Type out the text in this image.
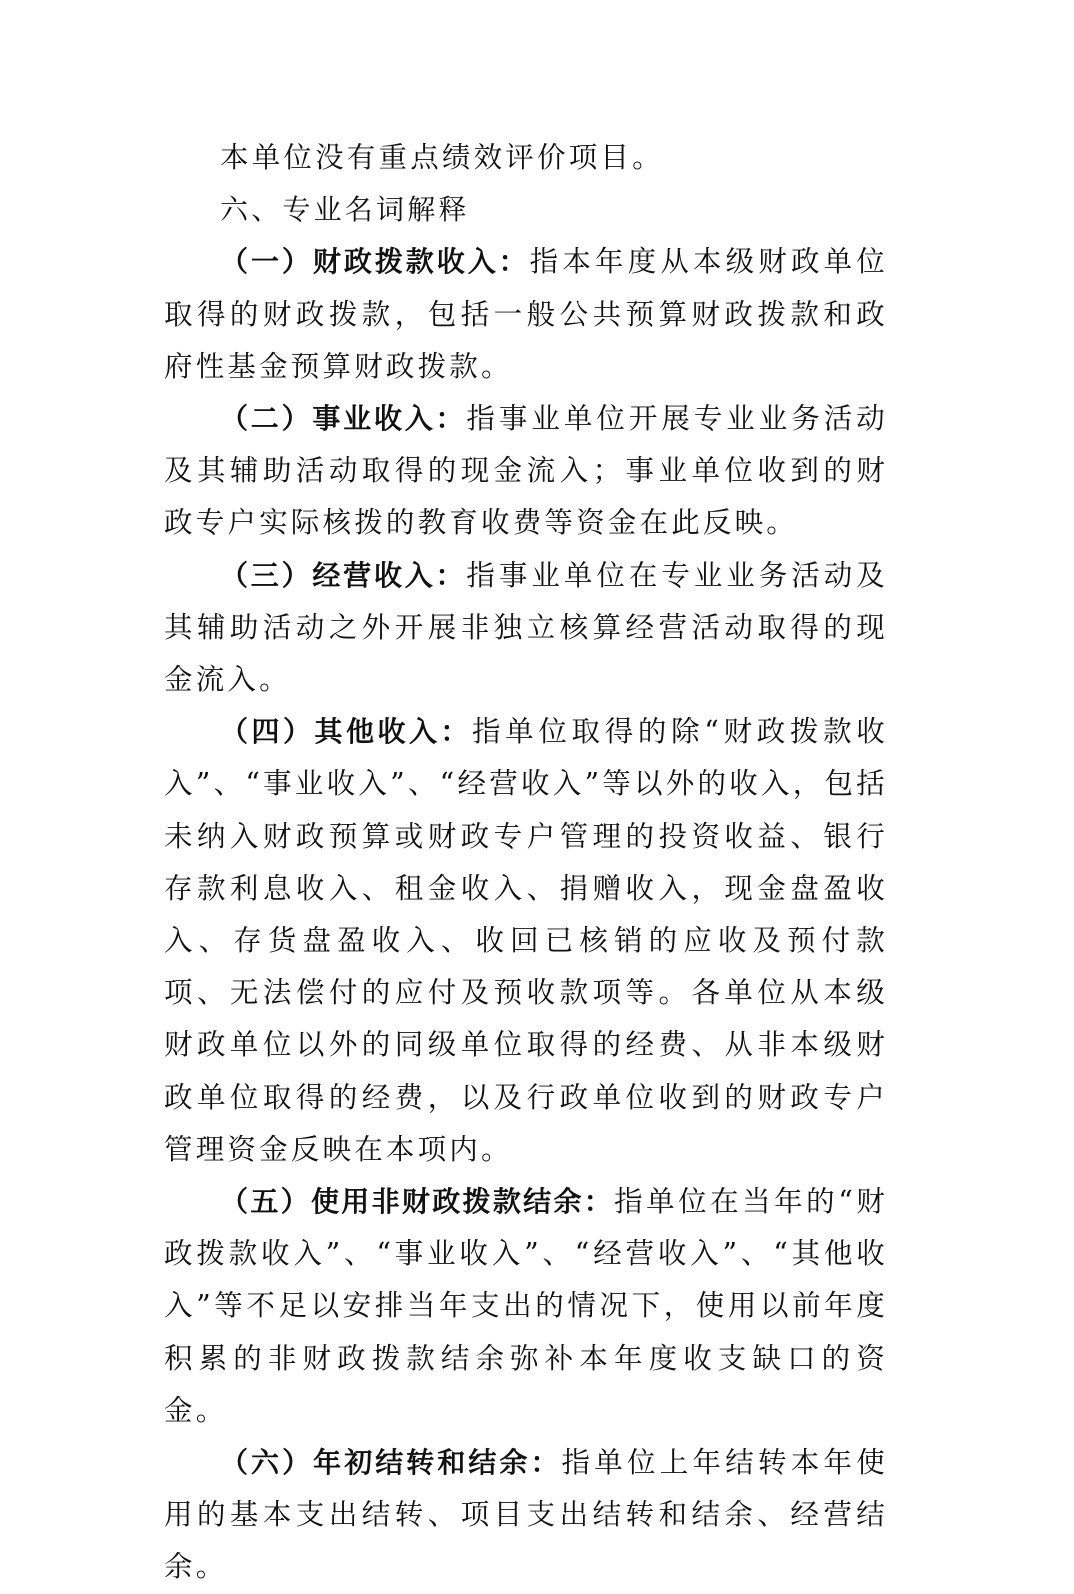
本单位没有重点绩效评价项目。

六、专业名词解释

（一）财政拨款收入：指本年度从本级财政单位取得的财政拨款，包括一般公共预算财政拨款和政府性基金预算财政拨款。

（二）事业收入：指事业单位开展专业业务活动及其辅助活动取得的现金流入；事业单位收到的财政专户实际核拨的教育收费等资金在此反映。

（三）经营收入：指事业单位在专业业务活动及其辅助活动之外开展非独立核算经营活动取得的现金流入。

（四）其他收入：指单位取得的除“财政拨款收入”、“事业收入”、“经营收入”等以外的收入，包括未纳入财政预算或财政专户管理的投资收益、银行存款利息收入、租金收入、捐赠收入，现金盘盈收入、存货盘盈收入、收回已核销的应收及预付款项、无法偿付的应付及预收款项等。各单位从本级财政单位以外的同级单位取得的经费、从非本级财政单位取得的经费，以及行政单位收到的财政专户管理资金反映在本项内。

（五）使用非财政拨款结余：指单位在当年的“财政拨款收入”、“事业收入”、“经营收入”、“其他收入”等不足以安排当年支出的情况下，使用以前年度积累的非财政拨款结余弥补本年度收支缺口的资金。

（六）年初结转和结余：指单位上年结转本年使用的基本支出结转、项目支出结转和结余、经营结余。
